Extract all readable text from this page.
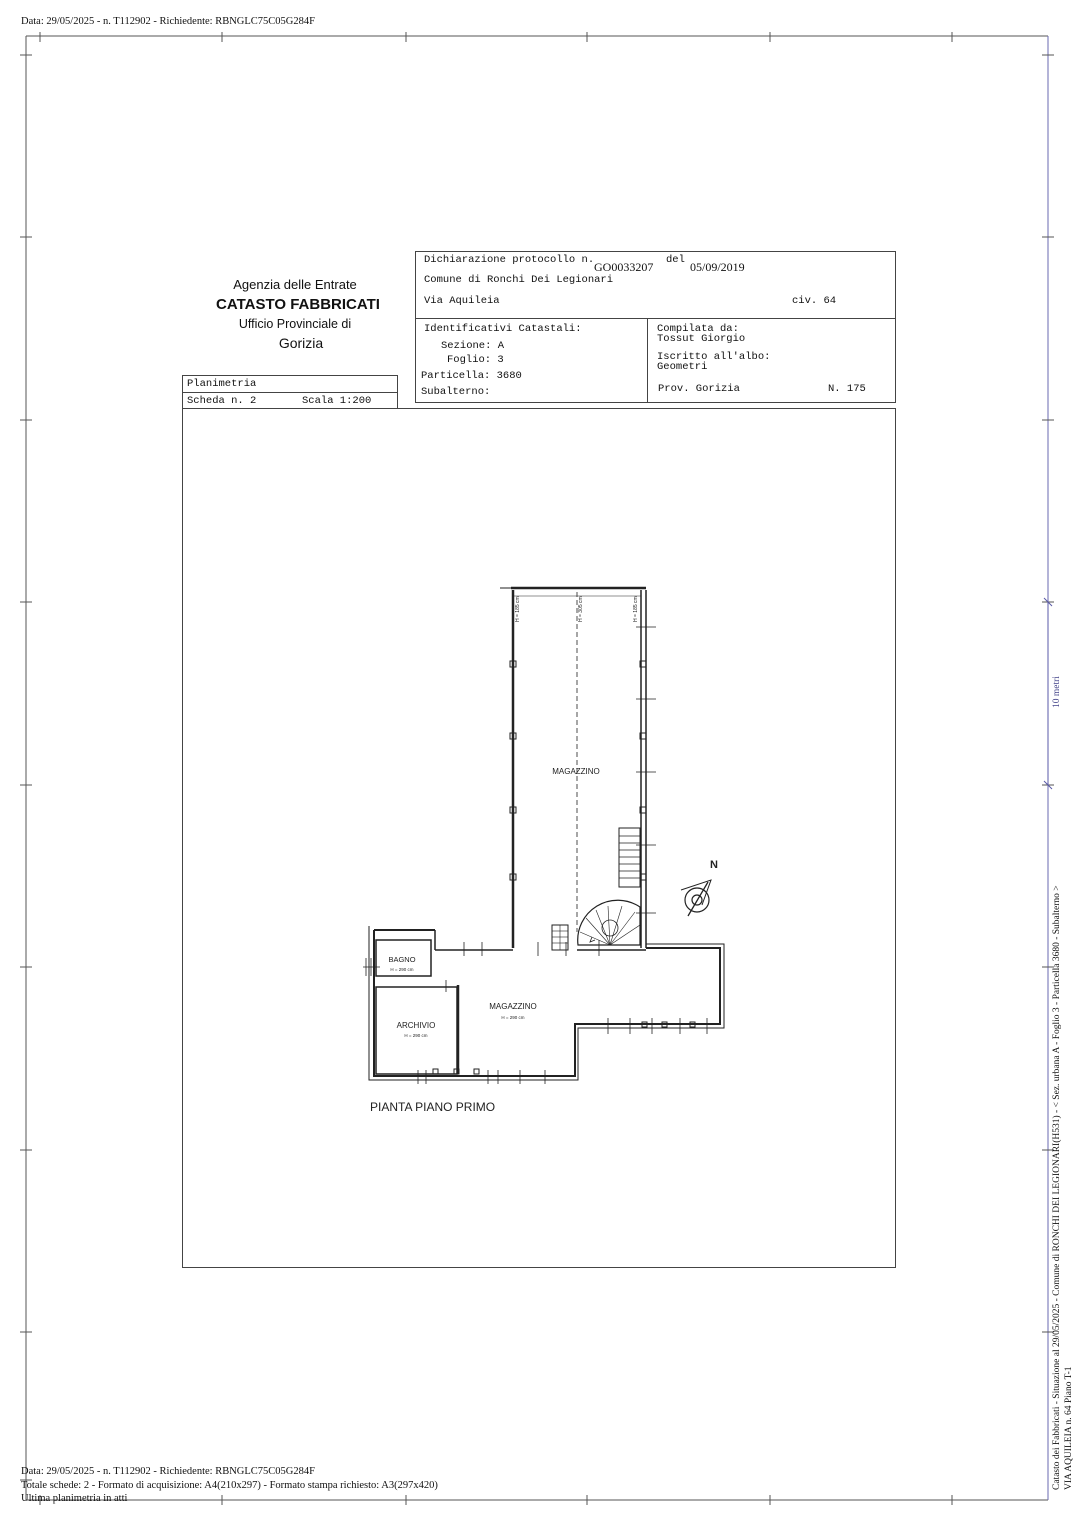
Data: 29/05/2025 - n. T112902 - Richiedente: RBNGLC75C05G284F
Agenzia delle Entrate
CATASTO FABBRICATI
Ufficio Provinciale di
Gorizia
Planimetria
Scheda n. 2	Scala 1:200
Dichiarazione protocollo n. GO0033207 del 05/09/2019
Comune di Ronchi Dei Legionari
Via Aquileia	civ. 64
Identificativi Catastali:
Sezione: A
Foglio: 3
Particella: 3680
Subalterno:
Compilata da:
Tossut Giorgio
Iscritto all'albo:
Geometri
Prov. Gorizia	N. 175
H = 185 cm	H = 305 cm	H = 185 cm
MAGAZZINO
BAGNO
H = 290 cm
MAGAZZINO
H = 290 cm
ARCHIVIO
H = 290 cm
N
PIANTA PIANO PRIMO
10 metri
Catasto dei Fabbricati - Situazione al 29/05/2025 - Comune di RONCHI DEI LEGIONARI(H531) - < Sez. urbana A - Foglio 3 - Particella 3680 - Subalterno > VIA AQUILEIA n. 64 Piano T-1
Data: 29/05/2025 - n. T112902 - Richiedente: RBNGLC75C05G284F
Totale schede: 2 - Formato di acquisizione: A4(210x297) - Formato stampa richiesto: A3(297x420)
Ultima planimetria in atti
